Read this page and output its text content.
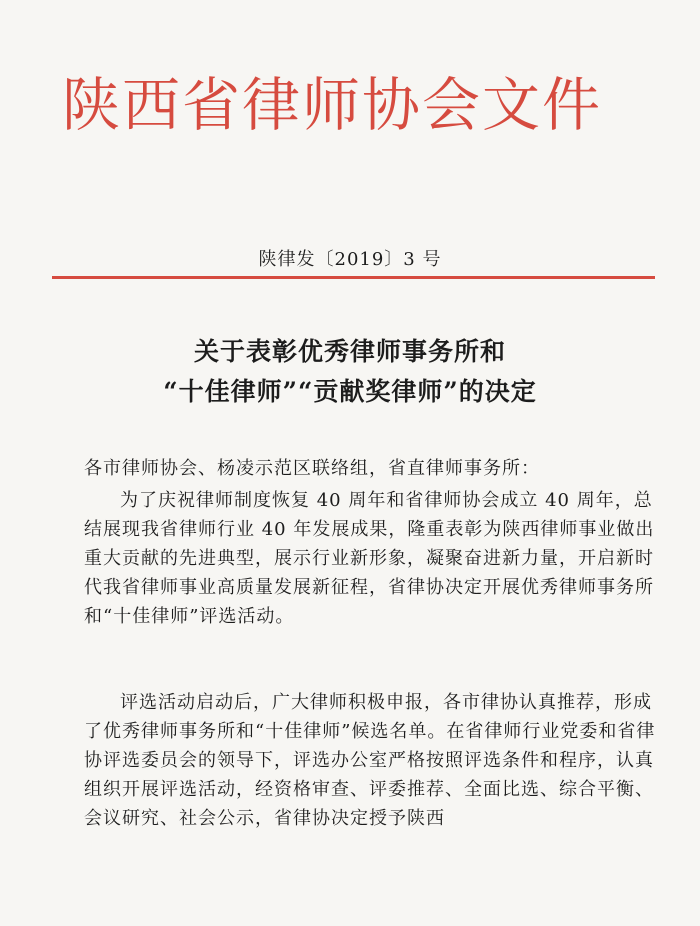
陕西省律师协会文件
陕律发〔2019〕3 号
关于表彰优秀律师事务所和
“十佳律师”“贡献奖律师”的决定
各市律师协会、杨凌示范区联络组，省直律师事务所：
为了庆祝律师制度恢复 40 周年和省律师协会成立 40 周年，总结展现我省律师行业 40 年发展成果，隆重表彰为陕西律师事业做出重大贡献的先进典型，展示行业新形象，凝聚奋进新力量，开启新时代我省律师事业高质量发展新征程，省律协决定开展优秀律师事务所和“十佳律师”评选活动。
评选活动启动后，广大律师积极申报，各市律协认真推荐，形成了优秀律师事务所和“十佳律师”候选名单。在省律师行业党委和省律协评选委员会的领导下，评选办公室严格按照评选条件和程序，认真组织开展评选活动，经资格审查、评委推荐、全面比选、综合平衡、会议研究、社会公示，省律协决定授予陕西
